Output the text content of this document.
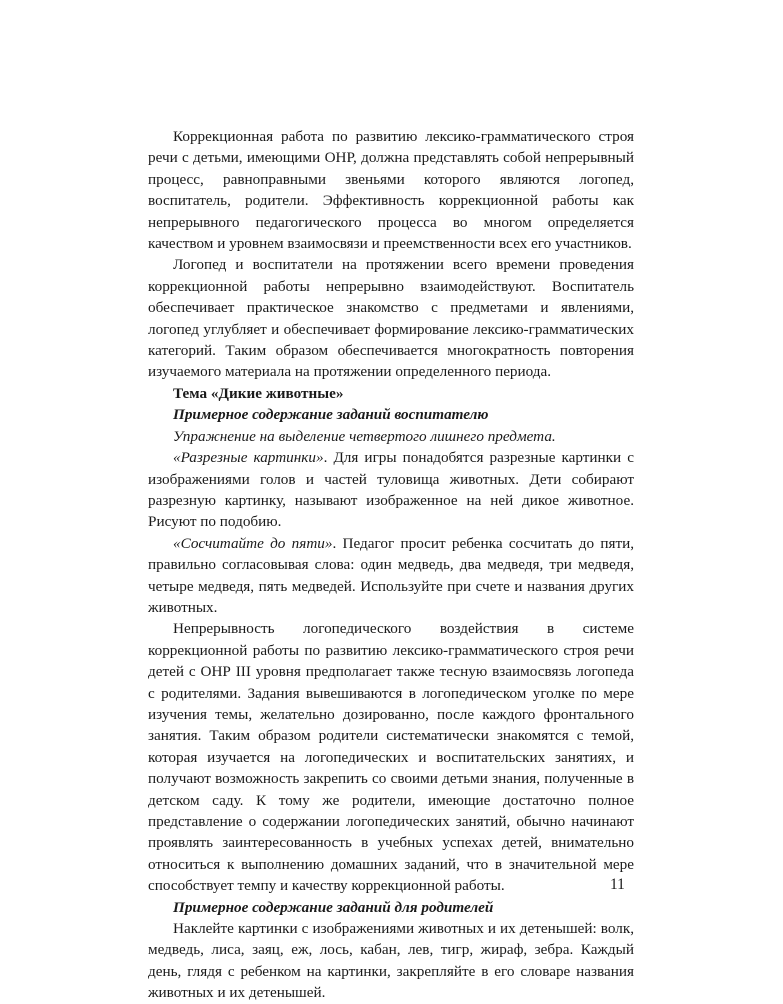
Коррекционная работа по развитию лексико-грамматического строя речи с детьми, имеющими ОНР, должна представлять собой непрерывный процесс, равноправными звеньями которого являются логопед, воспитатель, родители. Эффективность коррекционной работы как непрерывного педагогического процесса во многом определяется качеством и уровнем взаимосвязи и преемственности всех его участников.

Логопед и воспитатели на протяжении всего времени проведения коррекционной работы непрерывно взаимодействуют. Воспитатель обеспечивает практическое знакомство с предметами и явлениями, логопед углубляет и обеспечивает формирование лексико-грамматических категорий. Таким образом обеспечивается многократность повторения изучаемого материала на протяжении определенного периода.

Тема «Дикие животные»
Примерное содержание заданий воспитателю
Упражнение на выделение четвертого лишнего предмета.

«Разрезные картинки». Для игры понадобятся разрезные картинки с изображениями голов и частей туловища животных. Дети собирают разрезную картинку, называют изображенное на ней дикое животное. Рисуют по подобию.

«Сосчитайте до пяти». Педагог просит ребенка сосчитать до пяти, правильно согласовывая слова: один медведь, два медведя, три медведя, четыре медведя, пять медведей. Используйте при счете и названия других животных.

Непрерывность логопедического воздействия в системе коррекционной работы по развитию лексико-грамматического строя речи детей с ОНР III уровня предполагает также тесную взаимосвязь логопеда с родителями. Задания вывешиваются в логопедическом уголке по мере изучения темы, желательно дозированно, после каждого фронтального занятия. Таким образом родители систематически знакомятся с темой, которая изучается на логопедических и воспитательских занятиях, и получают возможность закрепить со своими детьми знания, полученные в детском саду. К тому же родители, имеющие достаточно полное представление о содержании логопедических занятий, обычно начинают проявлять заинтересованность в учебных успехах детей, внимательно относиться к выполнению домашних заданий, что в значительной мере способствует темпу и качеству коррекционной работы.

Примерное содержание заданий для родителей

Наклейте картинки с изображениями животных и их детенышей: волк, медведь, лиса, заяц, еж, лось, кабан, лев, тигр, жираф, зебра. Каждый день, глядя с ребенком на картинки, закрепляйте в его словаре названия животных и их детенышей.

11
